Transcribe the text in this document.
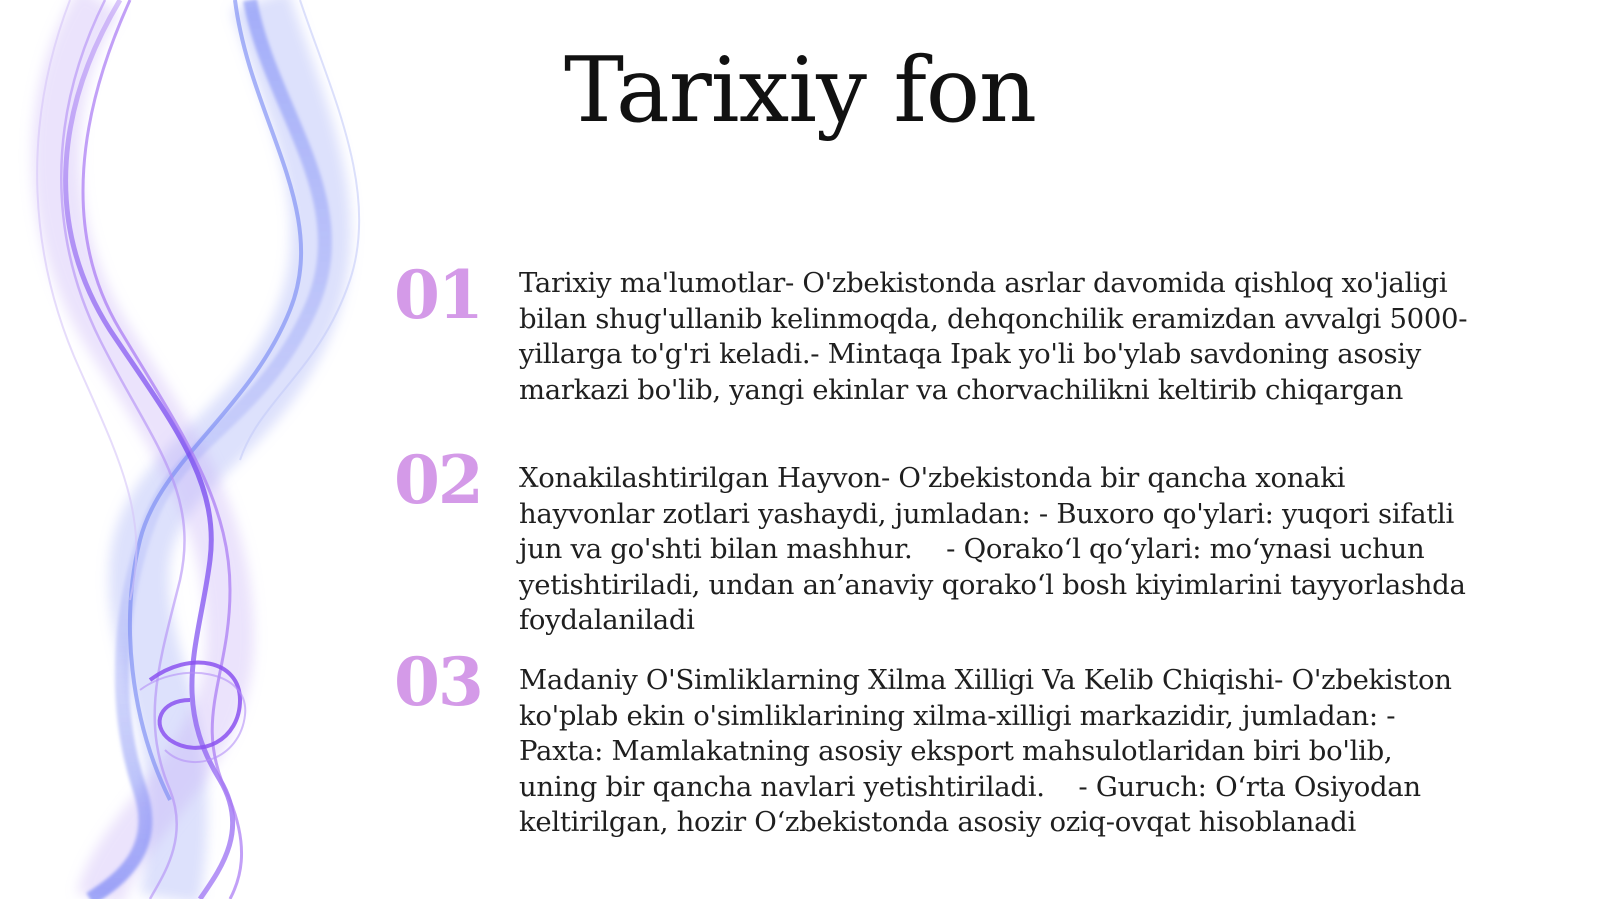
Tarixiy fon
01 Tarixiy ma'lumotlar- O'zbekistonda asrlar davomida qishloq xo'jaligi bilan shug'ullanib kelinmoqda, dehqonchilik eramizdan avvalgi 5000-yillarga to'g'ri keladi.- Mintaqa Ipak yo'li bo'ylab savdoning asosiy markazi bo'lib, yangi ekinlar va chorvachilikni keltirib chiqargan

02 Xonakilashtirilgan Hayvon- O'zbekistonda bir qancha xonaki hayvonlar zotlari yashaydi, jumladan: - Buxoro qo'ylari: yuqori sifatli jun va go'shti bilan mashhur.    - Qorako‘l qo‘ylari: mo‘ynasi uchun yetishtiriladi, undan an’anaviy qorako‘l bosh kiyimlarini tayyorlashda foydalaniladi

03 Madaniy O'Simliklarning Xilma Xilligi Va Kelib Chiqishi- O'zbekiston ko'plab ekin o'simliklarining xilma-xilligi markazidir, jumladan: - Paxta: Mamlakatning asosiy eksport mahsulotlaridan biri bo'lib, uning bir qancha navlari yetishtiriladi.    - Guruch: O‘rta Osiyodan keltirilgan, hozir O‘zbekistonda asosiy oziq-ovqat hisoblanadi
